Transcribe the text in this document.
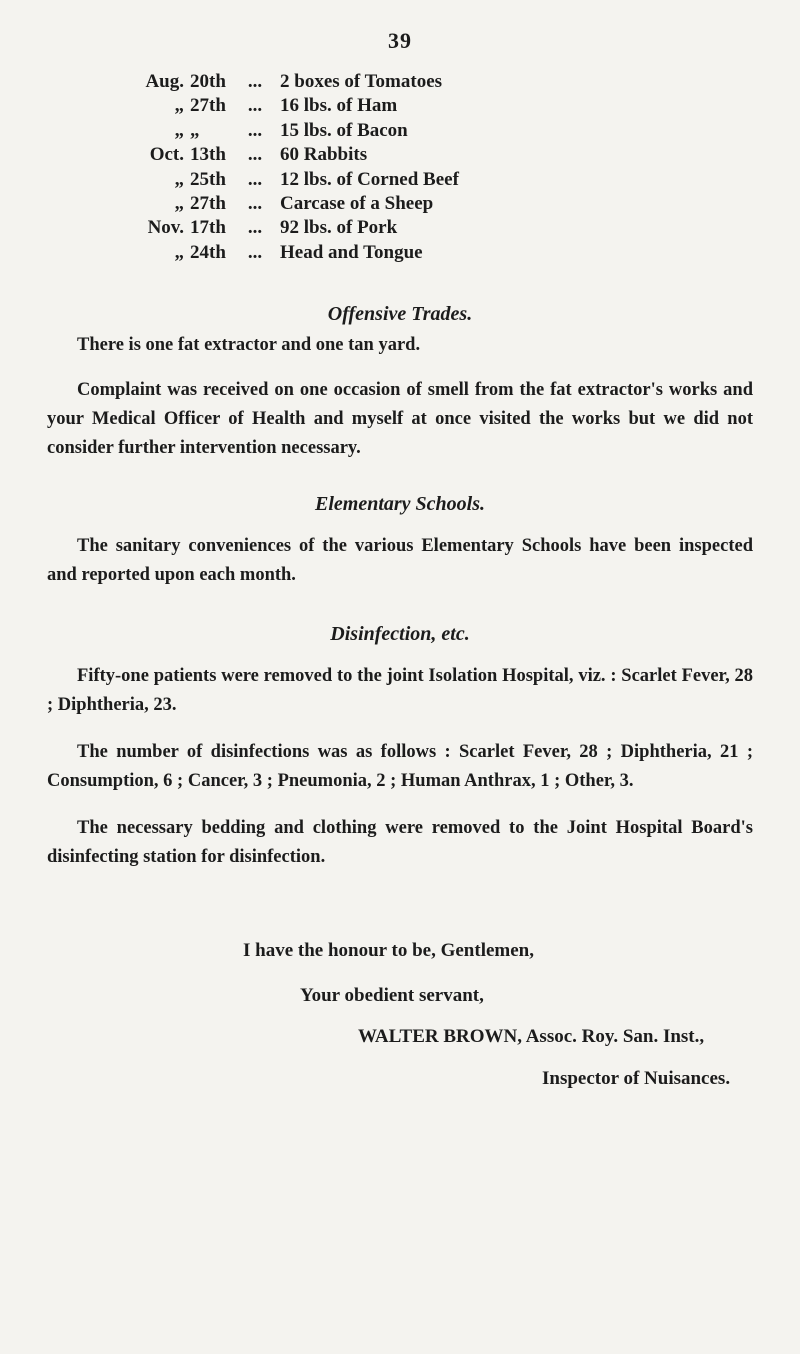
39
Aug. 20th	... 2 boxes of Tomatoes
„ 27th	... 16 lbs. of Ham
„ „	... 15 lbs. of Bacon
Oct. 13th	... 60 Rabbits
„ 25th	... 12 lbs. of Corned Beef
„ 27th	... Carcase of a Sheep
Nov. 17th	... 92 lbs. of Pork
„ 24th	... Head and Tongue
Offensive Trades.

There is one fat extractor and one tan yard.

Complaint was received on one occasion of smell from the fat extractor's works and your Medical Officer of Health and myself at once visited the works but we did not consider further intervention necessary.

Elementary Schools.

The sanitary conveniences of the various Elementary Schools have been inspected and reported upon each month.

Disinfection, etc.

Fifty-one patients were removed to the joint Isolation Hospital, viz. : Scarlet Fever, 28 ; Diphtheria, 23.

The number of disinfections was as follows : Scarlet Fever, 28 ; Diphtheria, 21 ; Consumption, 6 ; Cancer, 3 ; Pneumonia, 2 ; Human Anthrax, 1 ; Other, 3.

The necessary bedding and clothing were removed to the Joint Hospital Board's disinfecting station for disinfection.

I have the honour to be, Gentlemen,
Your obedient servant,
WALTER BROWN, Assoc. Roy. San. Inst.,
Inspector of Nuisances.
